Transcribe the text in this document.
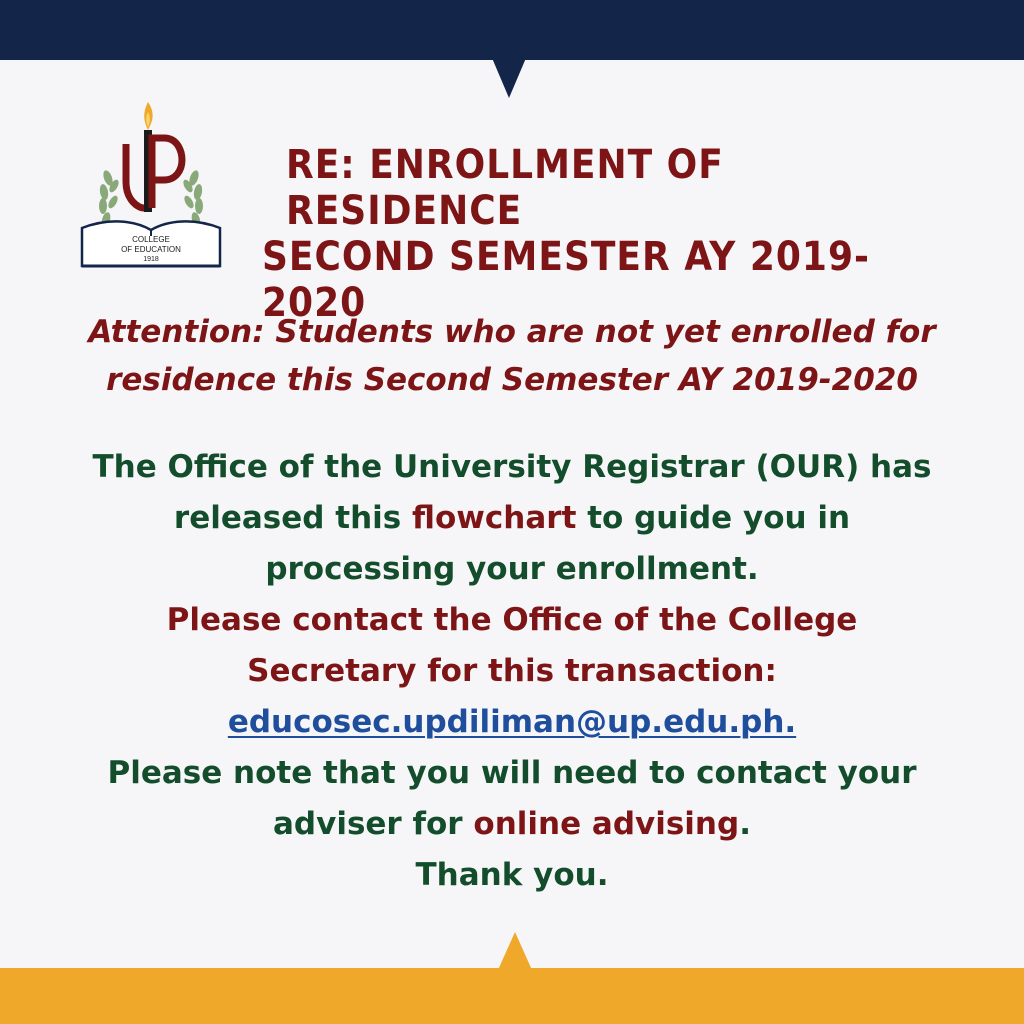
COLLEGE
OF EDUCATION
1918
RE: ENROLLMENT OF RESIDENCE
SECOND SEMESTER AY 2019-2020
Attention: Students who are not yet enrolled for
residence this Second Semester AY 2019-2020
The Office of the University Registrar (OUR) has
released this flowchart to guide you in
processing your enrollment.
Please contact the Office of the College
Secretary for this transaction:
educosec.updiliman@up.edu.ph.
Please note that you will need to contact your
adviser for online advising.
Thank you.
